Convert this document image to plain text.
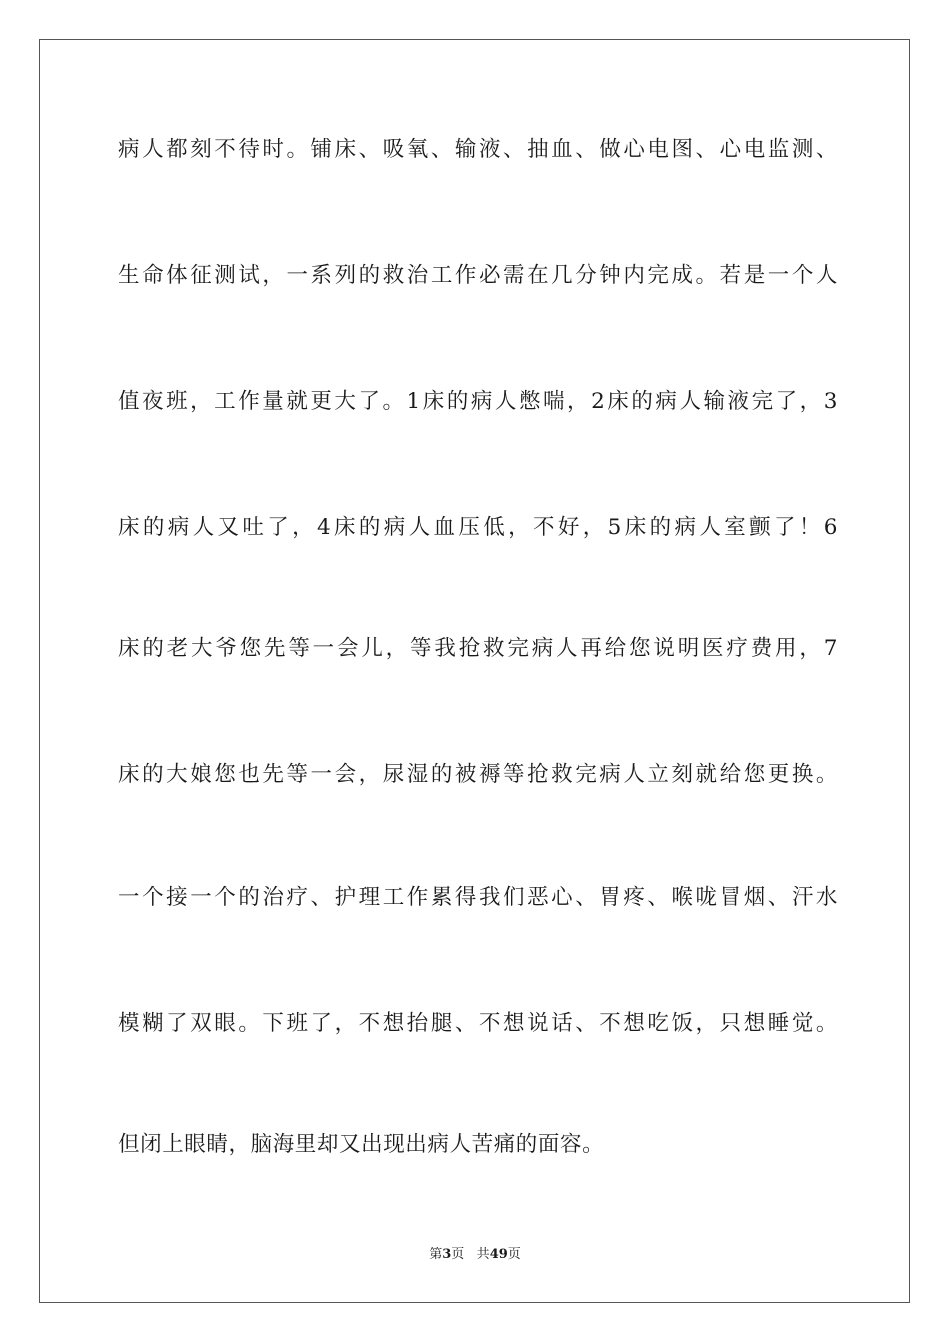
病人都刻不待时。铺床、吸氧、输液、抽血、做心电图、心电监测、
生命体征测试，一系列的救治工作必需在几分钟内完成。若是一个人
值夜班，工作量就更大了。1床的病人憋喘，2床的病人输液完了，3
床的病人又吐了，4床的病人血压低，不好，5床的病人室颤了！6
床的老大爷您先等一会儿，等我抢救完病人再给您说明医疗费用，7
床的大娘您也先等一会，尿湿的被褥等抢救完病人立刻就给您更换。
一个接一个的治疗、护理工作累得我们恶心、胃疼、喉咙冒烟、汗水
模糊了双眼。下班了，不想抬腿、不想说话、不想吃饭，只想睡觉。
但闭上眼睛，脑海里却又出现出病人苦痛的面容。
第3页 共49页
